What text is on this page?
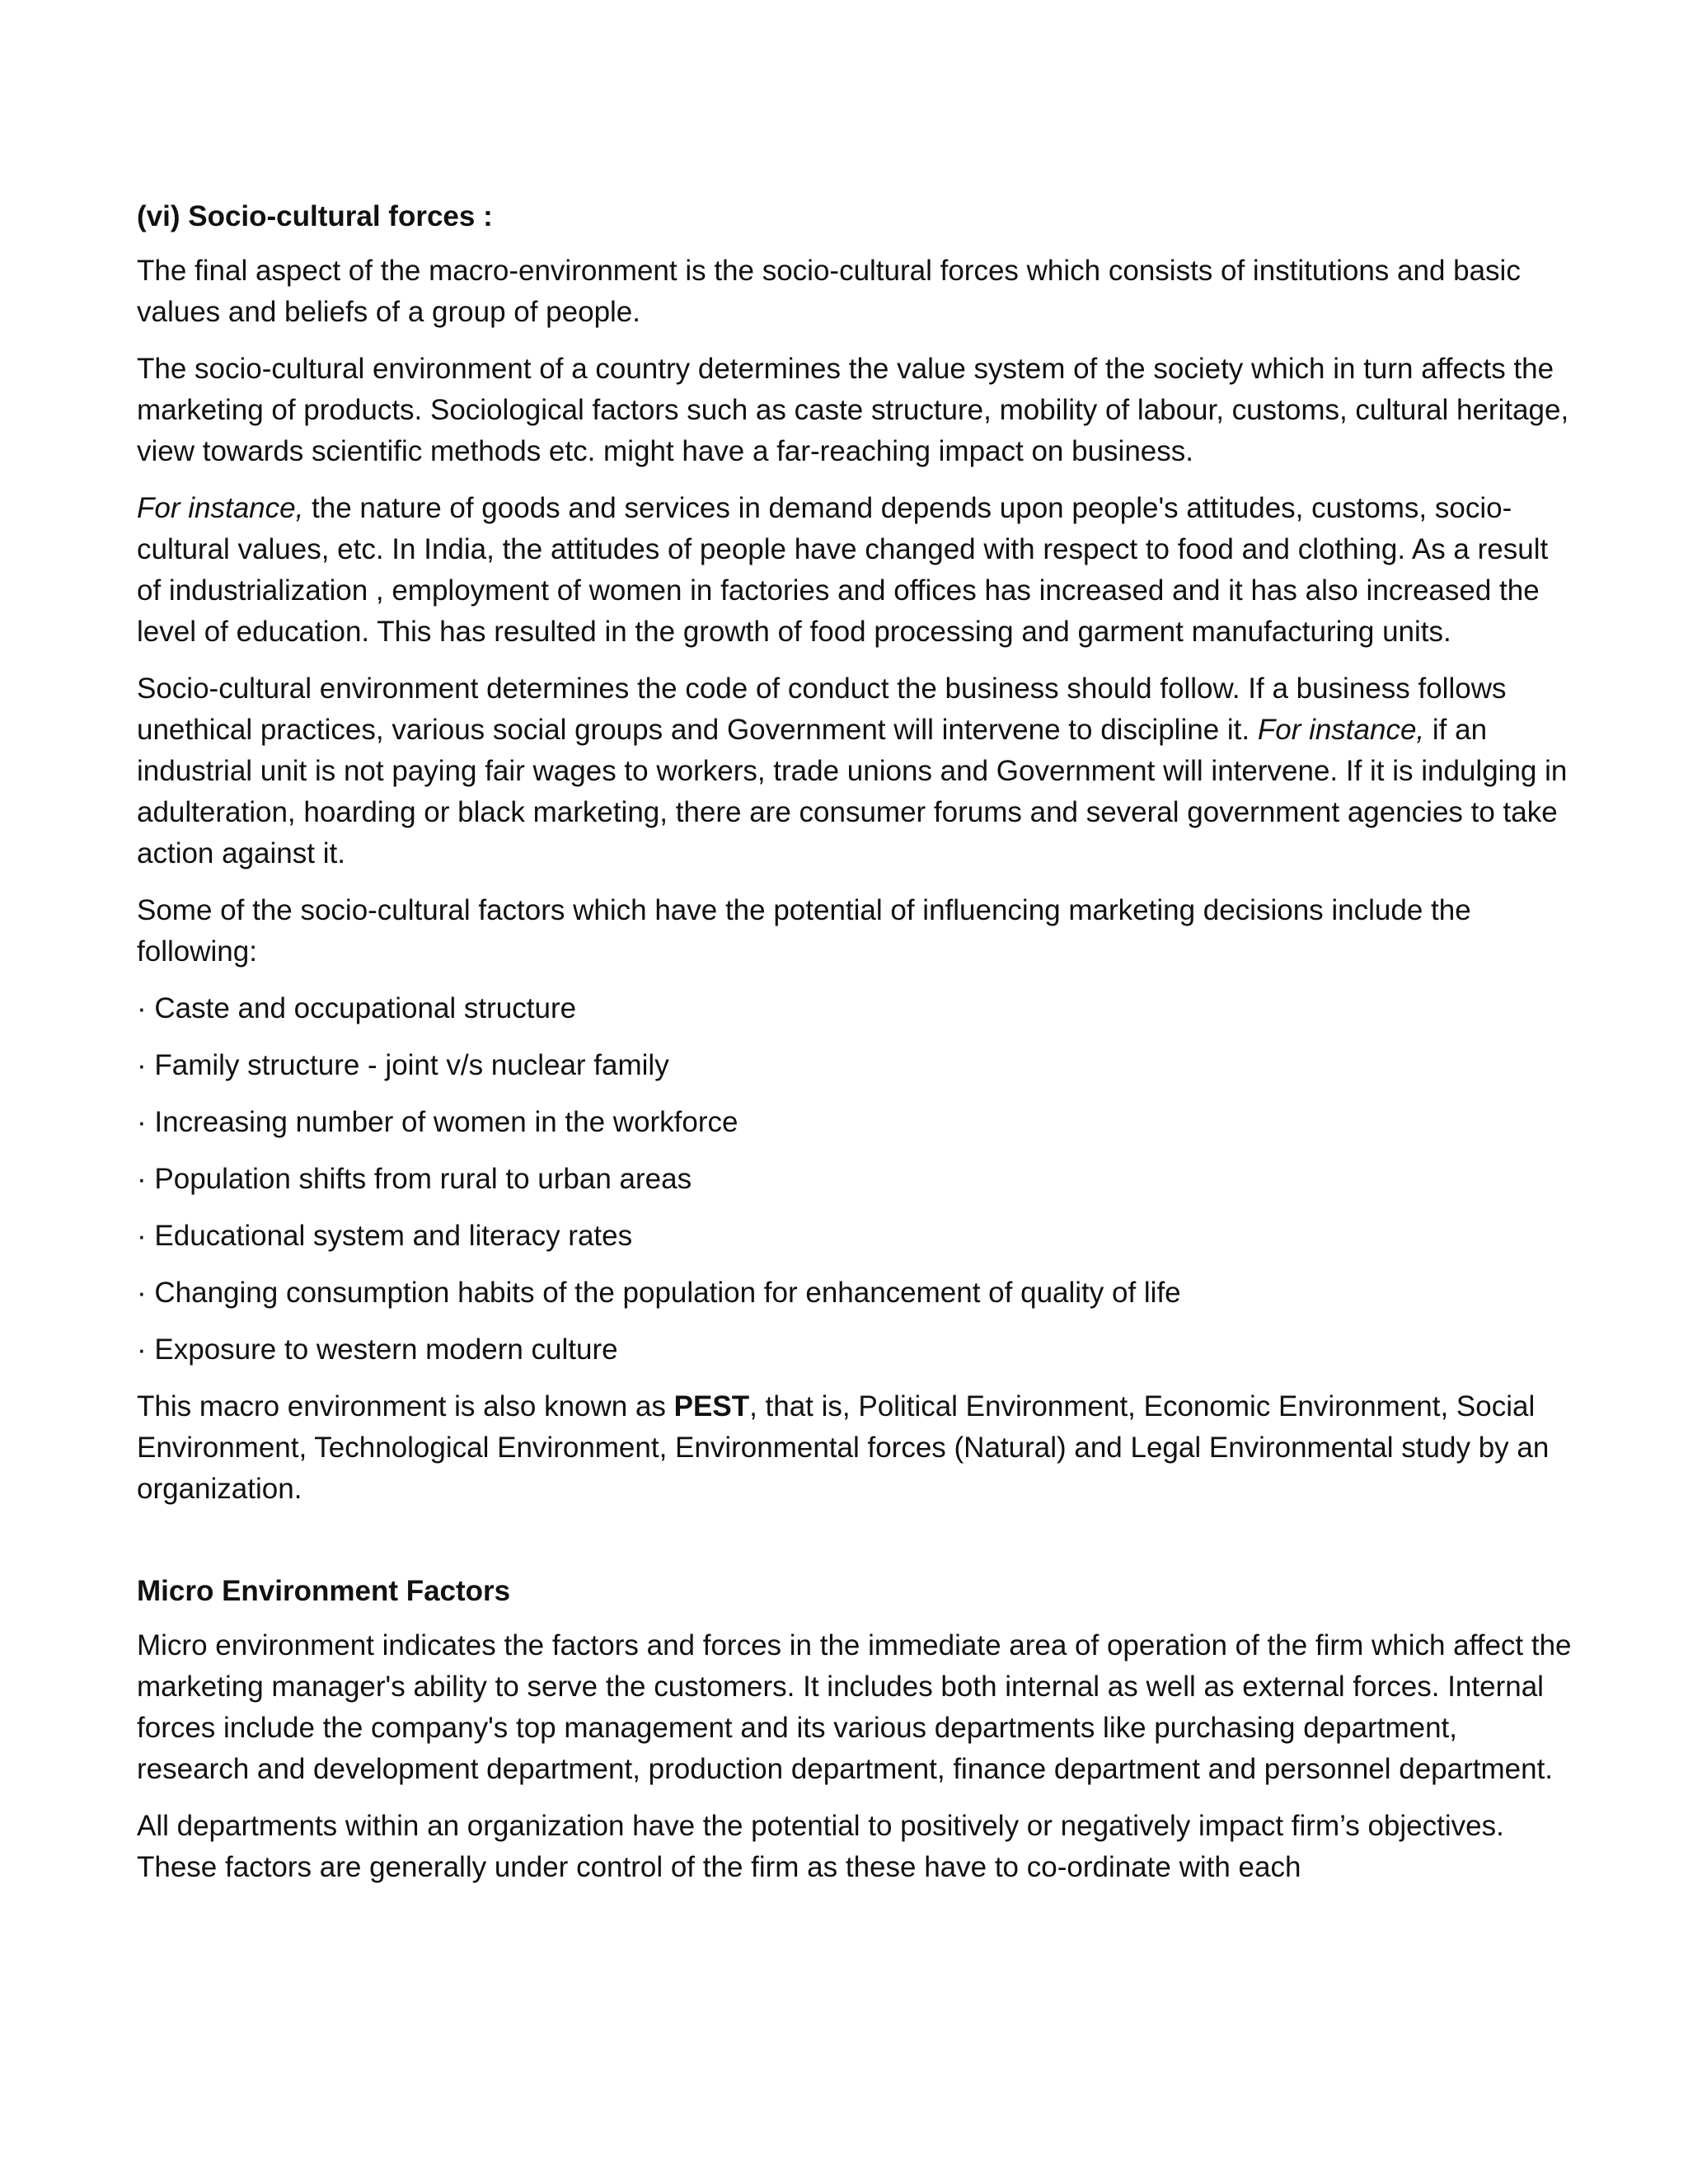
(vi) Socio-cultural forces :

The final aspect of the macro-environment is the socio-cultural forces which consists of institutions and basic values and beliefs of a group of people.

The socio-cultural environment of a country determines the value system of the society which in turn affects the marketing of products. Sociological factors such as caste structure, mobility of labour, customs, cultural heritage, view towards scientific methods etc. might have a far-reaching impact on business.

For instance, the nature of goods and services in demand depends upon people's attitudes, customs, socio-cultural values, etc. In India, the attitudes of people have changed with respect to food and clothing. As a result of industrialization , employment of women in factories and offices has increased and it has also increased the level of education. This has resulted in the growth of food processing and garment manufacturing units.

Socio-cultural environment determines the code of conduct the business should follow. If a business follows unethical practices, various social groups and Government will intervene to discipline it. For instance, if an industrial unit is not paying fair wages to workers, trade unions and Government will intervene. If it is indulging in adulteration, hoarding or black marketing, there are consumer forums and several government agencies to take action against it.

Some of the socio-cultural factors which have the potential of influencing marketing decisions include the following:

· Caste and occupational structure
· Family structure - joint v/s nuclear family
· Increasing number of women in the workforce
· Population shifts from rural to urban areas
· Educational system and literacy rates
· Changing consumption habits of the population for enhancement of quality of life
· Exposure to western modern culture

This macro environment is also known as PEST, that is, Political Environment, Economic Environment, Social Environment, Technological Environment, Environmental forces (Natural) and Legal Environmental study by an organization.

Micro Environment Factors

Micro environment indicates the factors and forces in the immediate area of operation of the firm which affect the marketing manager's ability to serve the customers. It includes both internal as well as external forces. Internal forces include the company's top management and its various departments like purchasing department, research and development department, production department, finance department and personnel department.

All departments within an organization have the potential to positively or negatively impact firm’s objectives. These factors are generally under control of the firm as these have to co-ordinate with each
